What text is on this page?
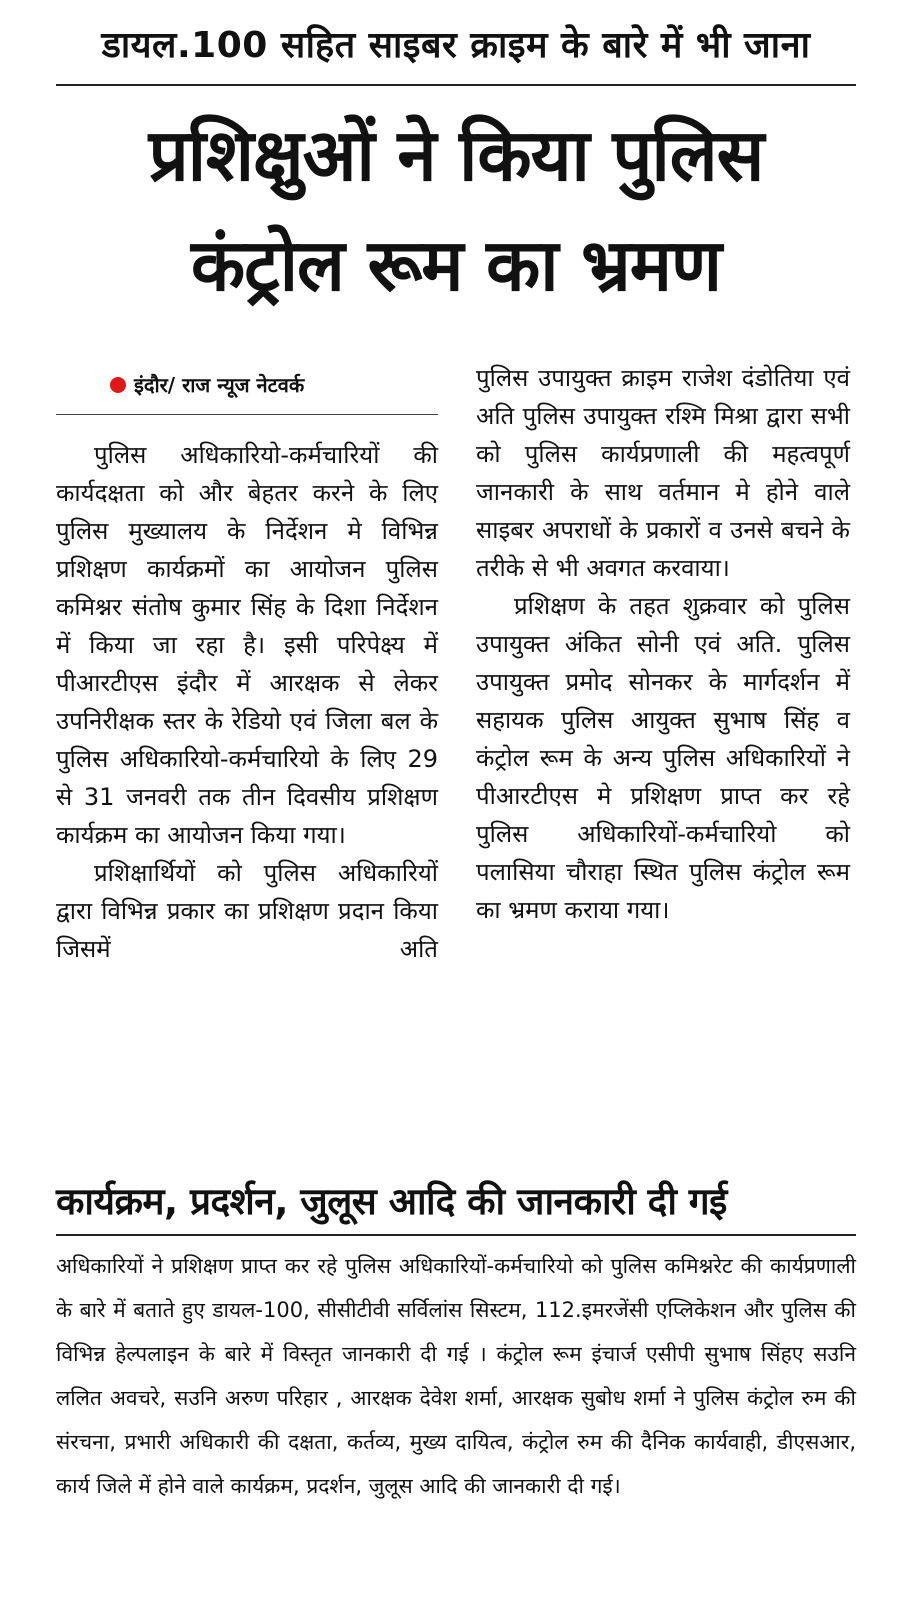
डायल.100 सहित साइबर क्राइम के बारे में भी जाना
प्रशिक्षुओं ने किया पुलिस
कंट्रोल रूम का भ्रमण
इंदौर/ राज न्यूज नेटवर्क

पुलिस अधिकारियो-कर्मचारियों की कार्यदक्षता को और बेहतर करने के लिए पुलिस मुख्यालय के निर्देशन मे विभिन्न प्रशिक्षण कार्यक्रमों का आयोजन पुलिस कमिश्नर संतोष कुमार सिंह के दिशा निर्देशन में किया जा रहा है। इसी परिपेक्ष्य में पीआरटीएस इंदौर में आरक्षक से लेकर उपनिरीक्षक स्तर के रेडियो एवं जिला बल के पुलिस अधिकारियो-कर्मचारियो के लिए 29 से 31 जनवरी तक तीन दिवसीय प्रशिक्षण कार्यक्रम का आयोजन किया गया।

प्रशिक्षार्थियों को पुलिस अधिकारियों द्वारा विभिन्न प्रकार का प्रशिक्षण प्रदान किया जिसमें अति

पुलिस उपायुक्त क्राइम राजेश दंडोतिया एवं अति पुलिस उपायुक्त रश्मि मिश्रा द्वारा सभी को पुलिस कार्यप्रणाली की महत्वपूर्ण जानकारी के साथ वर्तमान मे होने वाले साइबर अपराधों के प्रकारों व उनसे बचने के तरीके से भी अवगत करवाया।

प्रशिक्षण के तहत शुक्रवार को पुलिस उपायुक्त अंकित सोनी एवं अति. पुलिस उपायुक्त प्रमोद सोनकर के मार्गदर्शन में सहायक पुलिस आयुक्त सुभाष सिंह व कंट्रोल रूम के अन्य पुलिस अधिकारियों ने पीआरटीएस मे प्रशिक्षण प्राप्त कर रहे पुलिस अधिकारियों-कर्मचारियो को पलासिया चौराहा स्थित पुलिस कंट्रोल रूम का भ्रमण कराया गया।

कार्यक्रम, प्रदर्शन, जुलूस आदि की जानकारी दी गई
अधिकारियों ने प्रशिक्षण प्राप्त कर रहे पुलिस अधिकारियों-कर्मचारियो को पुलिस कमिश्नरेट की कार्यप्रणाली के बारे में बताते हुए डायल-100, सीसीटीवी सर्विलांस सिस्टम, 112.इमरजेंसी एप्लिकेशन और पुलिस की विभिन्न हेल्पलाइन के बारे में विस्तृत जानकारी दी गई । कंट्रोल रूम इंचार्ज एसीपी सुभाष सिंहए सउनि ललित अवचरे, सउनि अरुण परिहार , आरक्षक देवेश शर्मा, आरक्षक सुबोध शर्मा ने पुलिस कंट्रोल रुम की संरचना, प्रभारी अधिकारी की दक्षता, कर्तव्य, मुख्य दायित्व, कंट्रोल रुम की दैनिक कार्यवाही, डीएसआर, कार्य जिले में होने वाले कार्यक्रम, प्रदर्शन, जुलूस आदि की जानकारी दी गई।
